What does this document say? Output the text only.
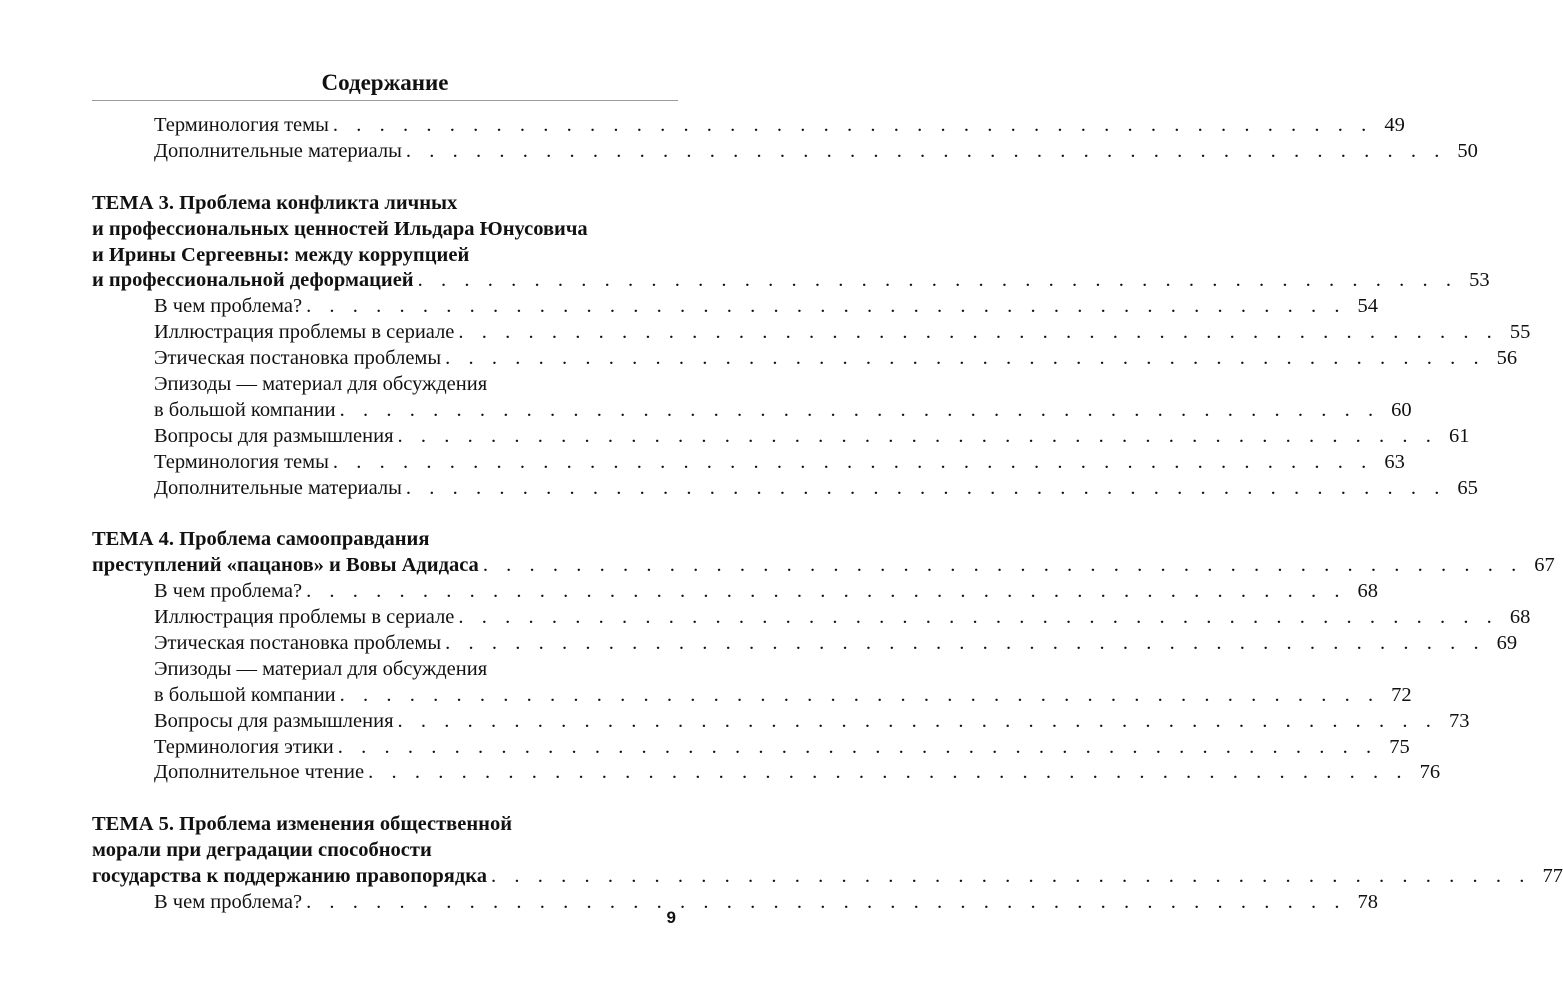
Содержание
Терминология темы . . . . . . . . . . . . . . . . . . . . . . . . . . . . . . . . . . . . . . . . . . . . . 49
Дополнительные материалы . . . . . . . . . . . . . . . . . . . . . . . . . . . . . . . . . . . . . . . . . . . . . 50
ТЕМА 3. Проблема конфликта личных
и профессиональных ценностей Ильдара Юнусовича
и Ирины Сергеевны: между коррупцией
и профессиональной деформацией . . . . . . . . . . . . . . . . . . . . . . . . . . . . . . . . . . . . . . . . . . . . . 53
В чем проблема? . . . . . . . . . . . . . . . . . . . . . . . . . . . . . . . . . . . . . . . . . . . . . 54
Иллюстрация проблемы в сериале . . . . . . . . . . . . . . . . . . . . . . . . . . . . . . . . . . . . . . . . . . . . . 55
Этическая постановка проблемы . . . . . . . . . . . . . . . . . . . . . . . . . . . . . . . . . . . . . . . . . . . . . 56
Эпизоды — материал для обсуждения
в большой компании . . . . . . . . . . . . . . . . . . . . . . . . . . . . . . . . . . . . . . . . . . . . . 60
Вопросы для размышления . . . . . . . . . . . . . . . . . . . . . . . . . . . . . . . . . . . . . . . . . . . . . 61
Терминология темы . . . . . . . . . . . . . . . . . . . . . . . . . . . . . . . . . . . . . . . . . . . . . 63
Дополнительные материалы . . . . . . . . . . . . . . . . . . . . . . . . . . . . . . . . . . . . . . . . . . . . . 65
ТЕМА 4. Проблема самооправдания
преступлений «пацанов» и Вовы Адидаса . . . . . . . . . . . . . . . . . . . . . . . . . . . . . . . . . . . . . . . . . . . . . 67
В чем проблема? . . . . . . . . . . . . . . . . . . . . . . . . . . . . . . . . . . . . . . . . . . . . . 68
Иллюстрация проблемы в сериале . . . . . . . . . . . . . . . . . . . . . . . . . . . . . . . . . . . . . . . . . . . . . 68
Этическая постановка проблемы . . . . . . . . . . . . . . . . . . . . . . . . . . . . . . . . . . . . . . . . . . . . . 69
Эпизоды — материал для обсуждения
в большой компании . . . . . . . . . . . . . . . . . . . . . . . . . . . . . . . . . . . . . . . . . . . . . 72
Вопросы для размышления . . . . . . . . . . . . . . . . . . . . . . . . . . . . . . . . . . . . . . . . . . . . . 73
Терминология этики . . . . . . . . . . . . . . . . . . . . . . . . . . . . . . . . . . . . . . . . . . . . . 75
Дополнительное чтение . . . . . . . . . . . . . . . . . . . . . . . . . . . . . . . . . . . . . . . . . . . . . 76
ТЕМА 5. Проблема изменения общественной
морали при деградации способности
государства к поддержанию правопорядка . . . . . . . . . . . . . . . . . . . . . . . . . . . . . . . . . . . . . . . . . . . . . 77
В чем проблема? . . . . . . . . . . . . . . . . . . . . . . . . . . . . . . . . . . . . . . . . . . . . . 78
9
